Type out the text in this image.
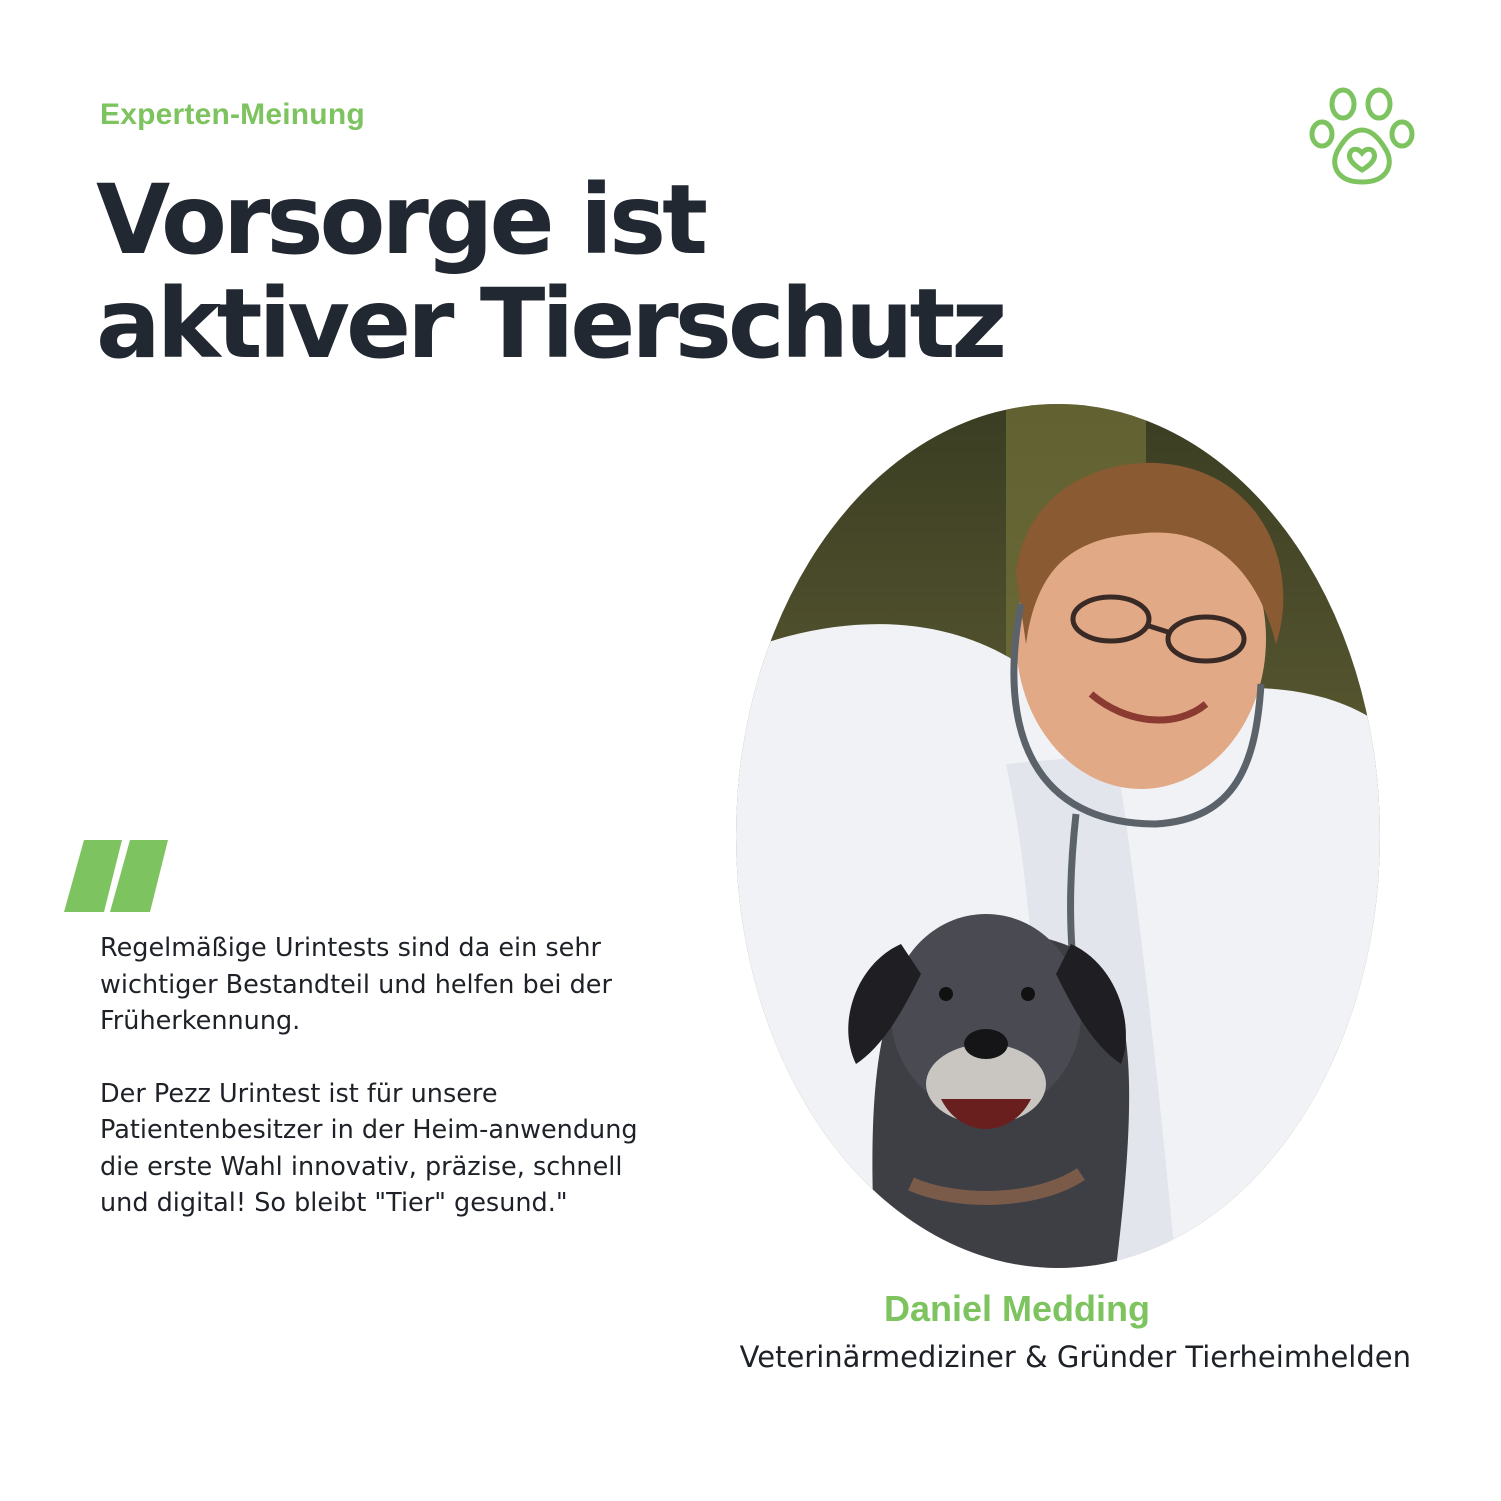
Experten-Meinung
Vorsorge ist
aktiver Tierschutz

Regelmäßige Urintests sind da ein sehr wichtiger Bestandteil und helfen bei der Früherkennung.

Der Pezz Urintest ist für unsere Patientenbesitzer in der Heim-anwendung die erste Wahl innovativ, präzise, schnell und digital! So bleibt "Tier" gesund."

Daniel Medding
Veterinärmediziner & Gründer Tierheimhelden
